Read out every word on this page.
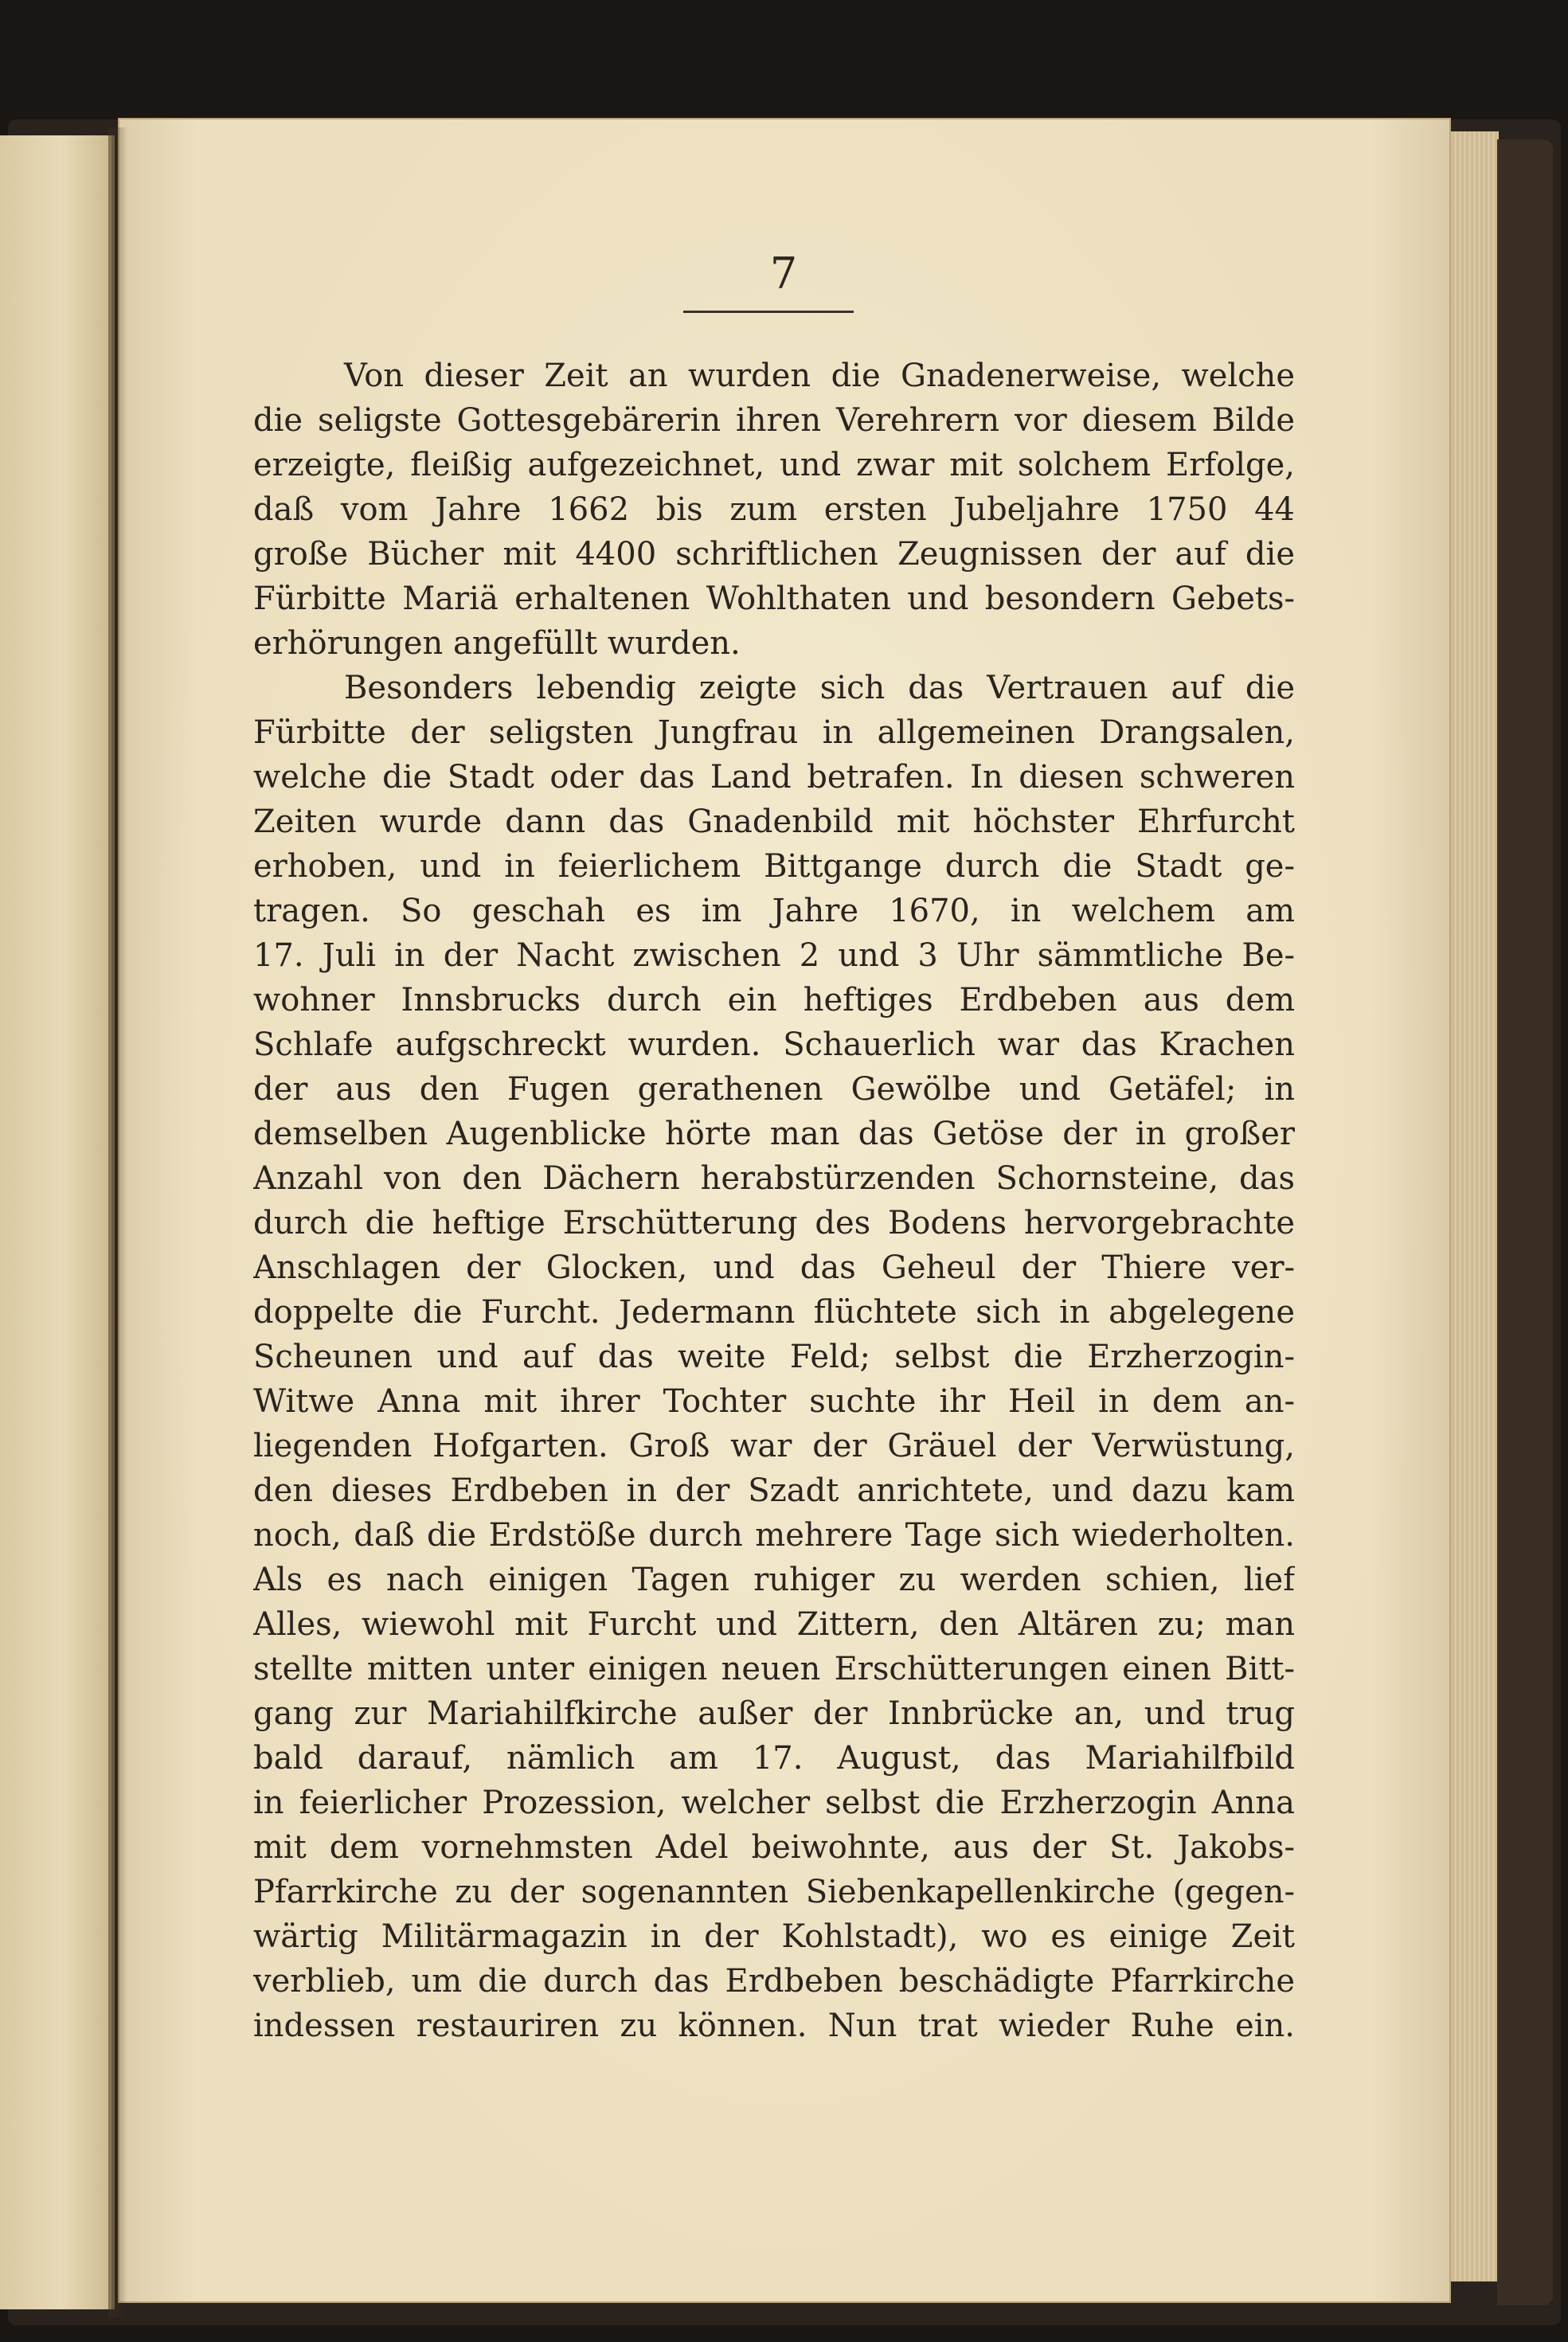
7
Von dieser Zeit an wurden die Gnadenerweise, welche
die seligste Gottesgebärerin ihren Verehrern vor diesem Bilde
erzeigte, fleißig aufgezeichnet, und zwar mit solchem Erfolge,
daß vom Jahre 1662 bis zum ersten Jubeljahre 1750 44
große Bücher mit 4400 schriftlichen Zeugnissen der auf die
Fürbitte Mariä erhaltenen Wohlthaten und besondern Gebets-
erhörungen angefüllt wurden.
Besonders lebendig zeigte sich das Vertrauen auf die
Fürbitte der seligsten Jungfrau in allgemeinen Drangsalen,
welche die Stadt oder das Land betrafen. In diesen schweren
Zeiten wurde dann das Gnadenbild mit höchster Ehrfurcht
erhoben, und in feierlichem Bittgange durch die Stadt ge-
tragen. So geschah es im Jahre 1670, in welchem am
17. Juli in der Nacht zwischen 2 und 3 Uhr sämmtliche Be-
wohner Innsbrucks durch ein heftiges Erdbeben aus dem
Schlafe aufgschreckt wurden. Schauerlich war das Krachen
der aus den Fugen gerathenen Gewölbe und Getäfel; in
demselben Augenblicke hörte man das Getöse der in großer
Anzahl von den Dächern herabstürzenden Schornsteine, das
durch die heftige Erschütterung des Bodens hervorgebrachte
Anschlagen der Glocken, und das Geheul der Thiere ver-
doppelte die Furcht. Jedermann flüchtete sich in abgelegene
Scheunen und auf das weite Feld; selbst die Erzherzogin-
Witwe Anna mit ihrer Tochter suchte ihr Heil in dem an-
liegenden Hofgarten. Groß war der Gräuel der Verwüstung,
den dieses Erdbeben in der Szadt anrichtete, und dazu kam
noch, daß die Erdstöße durch mehrere Tage sich wiederholten.
Als es nach einigen Tagen ruhiger zu werden schien, lief
Alles, wiewohl mit Furcht und Zittern, den Altären zu; man
stellte mitten unter einigen neuen Erschütterungen einen Bitt-
gang zur Mariahilfkirche außer der Innbrücke an, und trug
bald darauf, nämlich am 17. August, das Mariahilfbild
in feierlicher Prozession, welcher selbst die Erzherzogin Anna
mit dem vornehmsten Adel beiwohnte, aus der St. Jakobs-
Pfarrkirche zu der sogenannten Siebenkapellenkirche (gegen-
wärtig Militärmagazin in der Kohlstadt), wo es einige Zeit
verblieb, um die durch das Erdbeben beschädigte Pfarrkirche
indessen restauriren zu können. Nun trat wieder Ruhe ein.
